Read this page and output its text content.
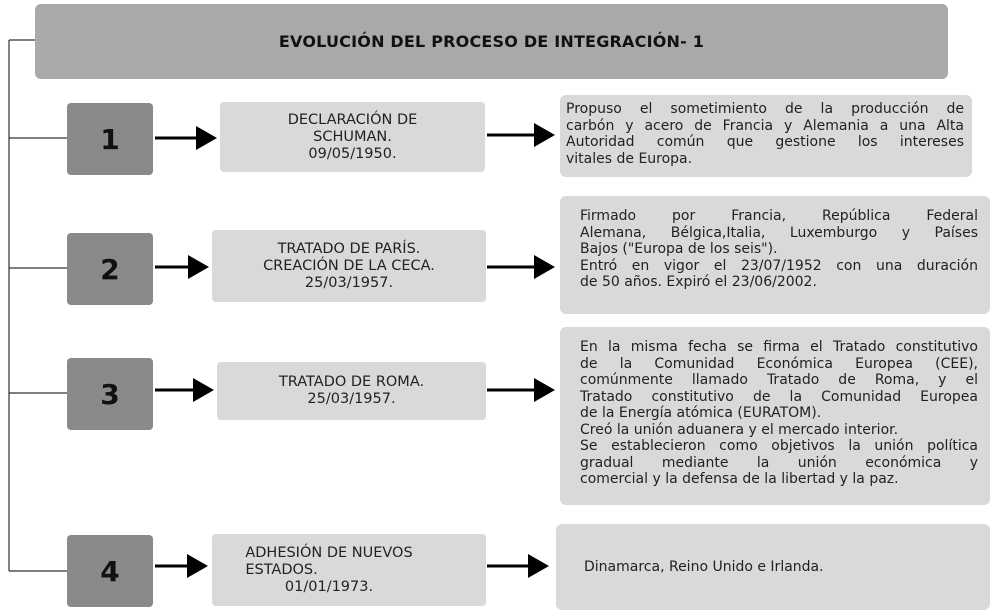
EVOLUCIÓN DEL PROCESO DE INTEGRACIÓN- 1
1
DECLARACIÓN DE
SCHUMAN.
09/05/1950.
Propuso el sometimiento de la producción de
carbón y acero de Francia y Alemania a una Alta
Autoridad común que gestione los intereses
vitales de Europa.
2
TRATADO DE PARÍS.
CREACIÓN DE LA CECA.
25/03/1957.
Firmado por Francia, República Federal
Alemana, Bélgica,Italia, Luxemburgo y Países
Bajos ("Europa de los seis").
Entró en vigor el 23/07/1952 con una duración
de 50 años. Expiró el 23/06/2002.
3	TRATADO DE ROMA.
25/03/1957.
En la misma fecha se firma el Tratado constitutivo
de la Comunidad Económica Europea (CEE),
comúnmente llamado Tratado de Roma, y el
Tratado constitutivo de la Comunidad Europea
de la Energía atómica (EURATOM).
Creó la unión aduanera y el mercado interior.
Se establecieron como objetivos la unión política
gradual mediante la unión económica y
comercial y la defensa de la libertad y la paz.
4
ADHESIÓN DE NUEVOS
ESTADOS.
01/01/1973.
Dinamarca, Reino Unido e Irlanda.
